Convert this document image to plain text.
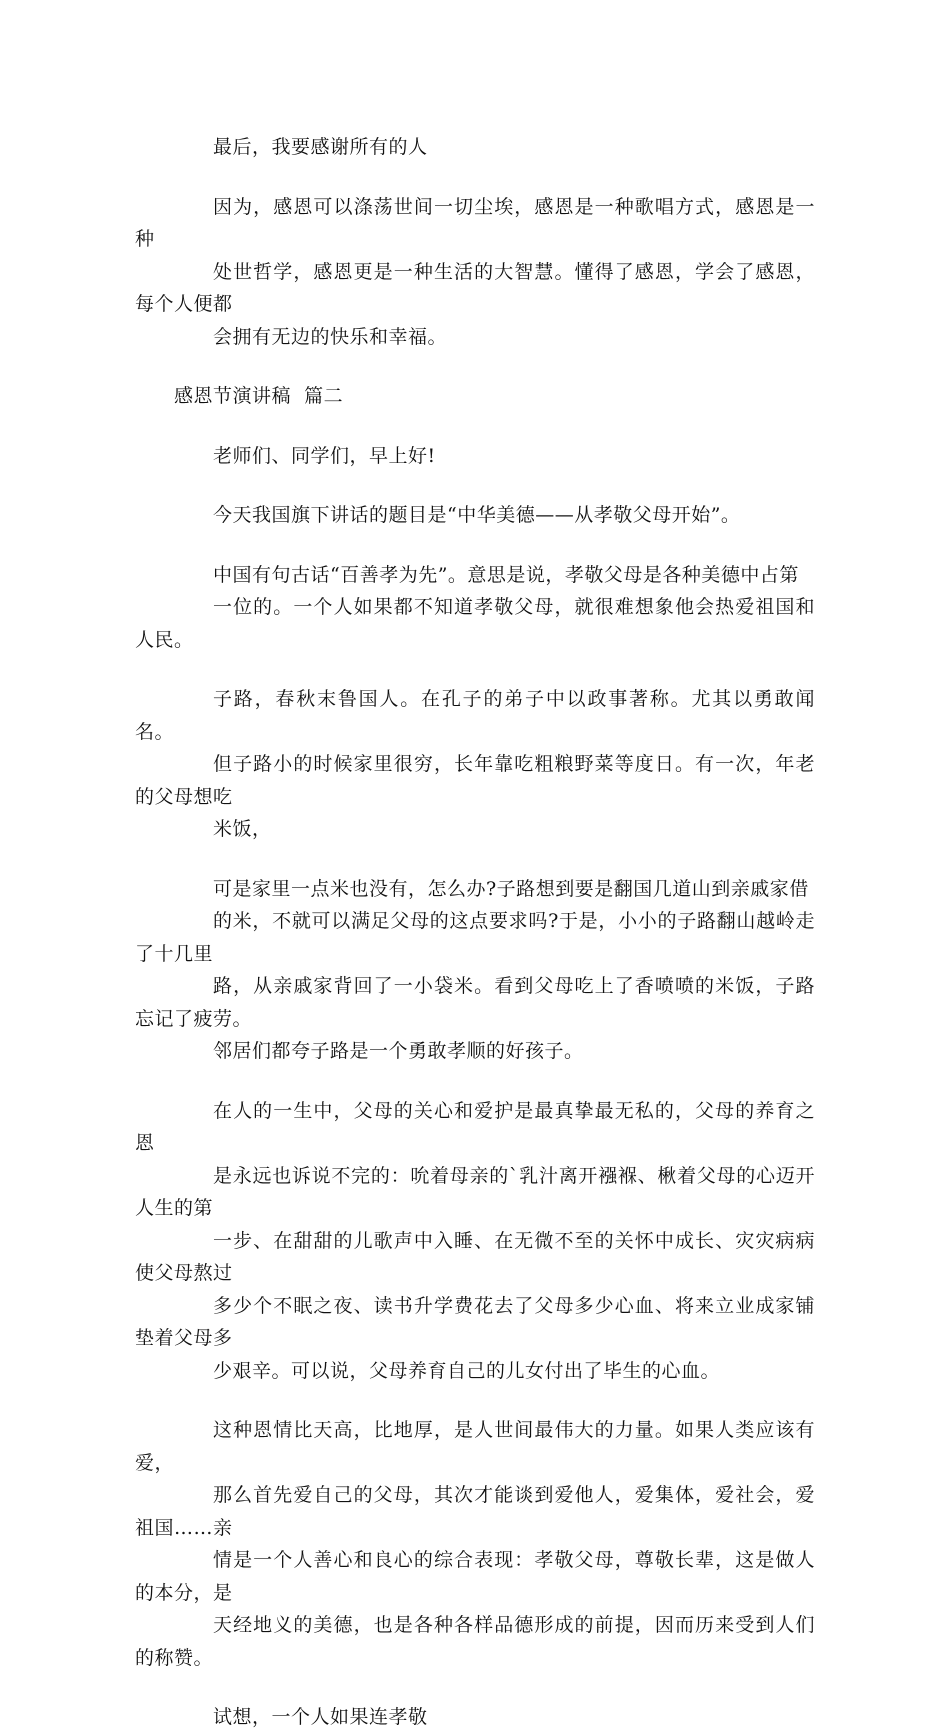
最后，我要感谢所有的人

因为，感恩可以涤荡世间一切尘埃，感恩是一种歌唱方式，感恩是一种
处世哲学，感恩更是一种生活的大智慧。懂得了感恩，学会了感恩，每个人便都
会拥有无边的快乐和幸福。

感恩节演讲稿  篇二

老师们、同学们，早上好!

今天我国旗下讲话的题目是“中华美德——从孝敬父母开始”。

中国有句古话“百善孝为先”。意思是说，孝敬父母是各种美德中占第
一位的。一个人如果都不知道孝敬父母，就很难想象他会热爱祖国和人民。

子路，春秋末鲁国人。在孔子的弟子中以政事著称。尤其以勇敢闻名。
但子路小的时候家里很穷，长年靠吃粗粮野菜等度日。有一次，年老的父母想吃
米饭，

可是家里一点米也没有，怎么办?子路想到要是翻国几道山到亲戚家借
的米，不就可以满足父母的这点要求吗?于是，小小的子路翻山越岭走了十几里
路，从亲戚家背回了一小袋米。看到父母吃上了香喷喷的米饭，子路忘记了疲劳。
邻居们都夸子路是一个勇敢孝顺的好孩子。

在人的一生中，父母的关心和爱护是最真挚最无私的，父母的养育之恩
是永远也诉说不完的：吮着母亲的`乳汁离开襁褓、楸着父母的心迈开人生的第
一步、在甜甜的儿歌声中入睡、在无微不至的关怀中成长、灾灾病病使父母熬过
多少个不眠之夜、读书升学费花去了父母多少心血、将来立业成家铺垫着父母多
少艰辛。可以说，父母养育自己的儿女付出了毕生的心血。

这种恩情比天高，比地厚，是人世间最伟大的力量。如果人类应该有爱，
那么首先爱自己的父母，其次才能谈到爱他人，爱集体，爱社会，爱祖国……亲
情是一个人善心和良心的综合表现：孝敬父母，尊敬长辈，这是做人的本分，是
天经地义的美德，也是各种各样品德形成的前提，因而历来受到人们的称赞。

试想，一个人如果连孝敬
